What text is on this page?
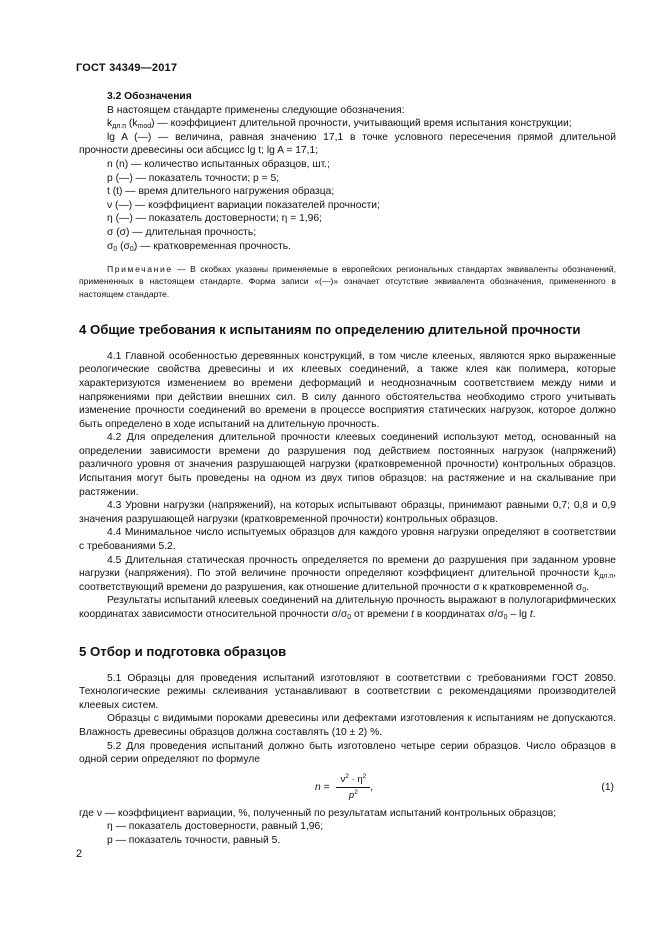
ГОСТ 34349—2017

3.2 Обозначения

В настоящем стандарте применены следующие обозначения:

$k_{дл.п}$ $(k_{mod})$ — коэффициент длительной прочности, учитывающий время испытания конструкции;

lg A (—) — величина, равная значению 17,1 в точке условного пересечения прямой длительной прочности древесины оси абсцисс lg t; lg A = 17,1;

n (n) — количество испытанных образцов, шт.;

p (—) — показатель точности; p = 5;

t (t) — время длительного нагружения образца;

ν (—) — коэффициент вариации показателей прочности;

η (—) — показатель достоверности; η = 1,96;

σ (σ) — длительная прочность;

$\sigma_0$ $(\sigma_0)$ — кратковременная прочность.

Примечание — В скобках указаны применяемые в европейских региональных стандартах эквиваленты обозначений, примененных в настоящем стандарте. Форма записи «(—)» означает отсутствие эквивалента обозначения, примененного в настоящем стандарте.

4 Общие требования к испытаниям по определению длительной прочности

4.1 Главной особенностью деревянных конструкций, в том числе клееных, являются ярко выраженные реологические свойства древесины и их клеевых соединений, а также клея как полимера, которые характеризуются изменением во времени деформаций и неоднозначным соответствием между ними и напряжениями при действии внешних сил. В силу данного обстоятельства необходимо строго учитывать изменение прочности соединений во времени в процессе восприятия статических нагрузок, которое должно быть определено в ходе испытаний на длительную прочность.

4.2 Для определения длительной прочности клеевых соединений используют метод, основанный на определении зависимости времени до разрушения под действием постоянных нагрузок (напряжений) различного уровня от значения разрушающей нагрузки (кратковременной прочности) контрольных образцов. Испытания могут быть проведены на одном из двух типов образцов: на растяжение и на скалывание при растяжении.

4.3 Уровни нагрузки (напряжений), на которых испытывают образцы, принимают равными 0,7; 0,8 и 0,9 значения разрушающей нагрузки (кратковременной прочности) контрольных образцов.

4.4 Минимальное число испытуемых образцов для каждого уровня нагрузки определяют в соответствии с требованиями 5.2.

4.5 Длительная статическая прочность определяется по времени до разрушения при заданном уровне нагрузки (напряжения). По этой величине прочности определяют коэффициент длительной прочности $k_{дл.п}$, соответствующий времени до разрушения, как отношение длительной прочности σ к кратковременной $\sigma_0$.

Результаты испытаний клеевых соединений на длительную прочность выражают в полулогарифмических координатах зависимости относительной прочности $\sigma/\sigma_0$ от времени t в координатах $\sigma/\sigma_0$ – lg t.

5 Отбор и подготовка образцов

5.1 Образцы для проведения испытаний изготовляют в соответствии с требованиями ГОСТ 20850. Технологические режимы склеивания устанавливают в соответствии с рекомендациями производителей клеевых систем.

Образцы с видимыми пороками древесины или дефектами изготовления к испытаниям не допускаются. Влажность древесины образцов должна составлять (10 ± 2) %.

5.2 Для проведения испытаний должно быть изготовлено четыре серии образцов. Число образцов в одной серии определяют по формуле

$n = \frac{\nu^2 \cdot \eta^2}{p^2}$ ,	(1)

где ν — коэффициент вариации, %, полученный по результатам испытаний контрольных образцов;

η — показатель достоверности, равный 1,96;

p — показатель точности, равный 5.

2
